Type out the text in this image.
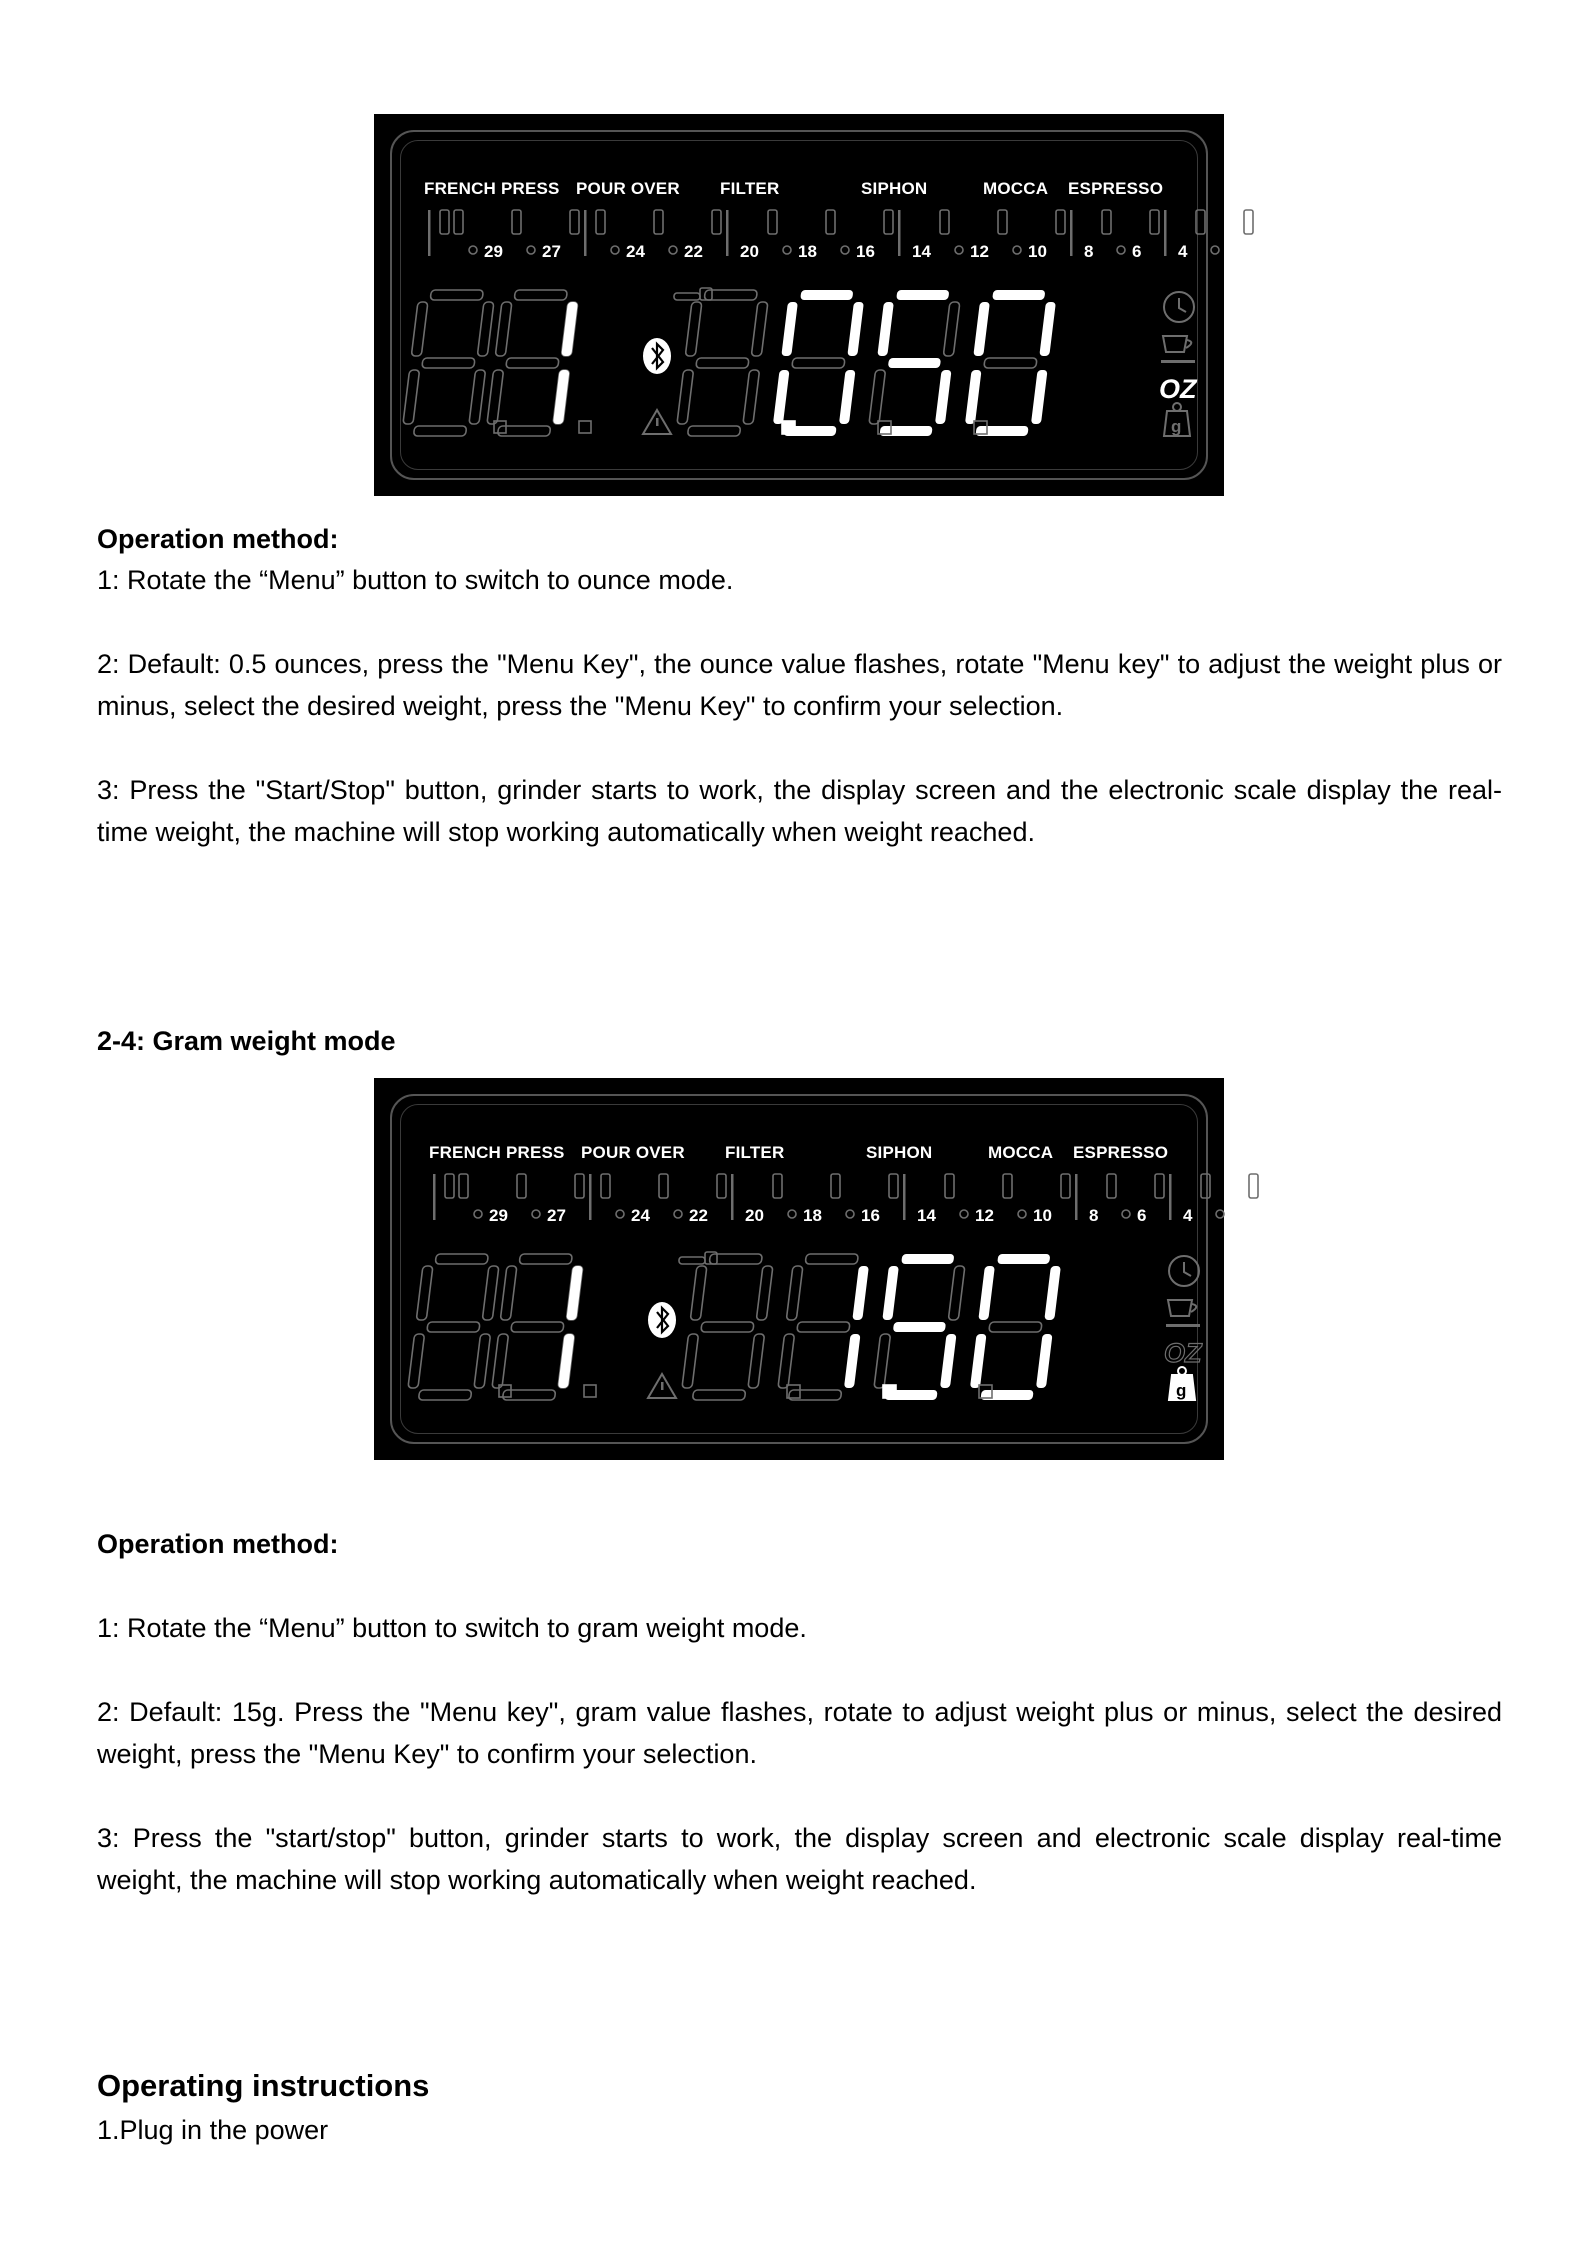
FRENCH PRESS POUR OVER FILTER	SIPHON	MOCCA ESPRESSO
29 27	24 22 20 18 16 14 12 10 8 6 4 2
OZ
g

Operation method:

1: Rotate the “Menu” button to switch to ounce mode.

2: Default: 0.5 ounces, press the "Menu Key", the ounce value flashes, rotate "Menu key" to adjust the weight plus or minus, select the desired weight, press the "Menu Key" to confirm your selection.

3: Press the "Start/Stop" button, grinder starts to work, the display screen and the electronic scale display the real-time weight, the machine will stop working automatically when weight reached.

2-4: Gram weight mode

FRENCH PRESS POUR OVER FILTER	SIPHON	MOCCA ESPRESSO
29 27	24 22 20 18 16 14 12 10 8 6 4 2
OZ
g

Operation method:

1: Rotate the “Menu” button to switch to gram weight mode.

2: Default: 15g. Press the "Menu key", gram value flashes, rotate to adjust weight plus or minus, select the desired weight, press the "Menu Key" to confirm your selection.

3: Press the "start/stop" button, grinder starts to work, the display screen and electronic scale display real-time weight, the machine will stop working automatically when weight reached.

Operating instructions

1.Plug in the power
